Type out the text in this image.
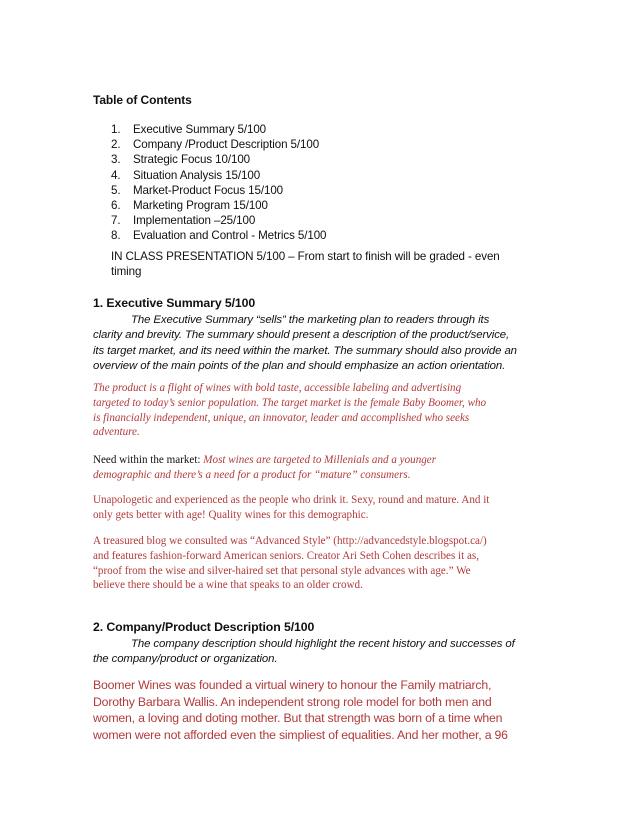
Table of Contents
1. Executive Summary 5/100
2. Company /Product Description 5/100
3. Strategic Focus 10/100
4. Situation Analysis 15/100
5. Market-Product Focus 15/100
6. Marketing Program 15/100
7. Implementation –25/100
8. Evaluation and Control - Metrics 5/100
IN CLASS PRESENTATION 5/100 – From start to finish will be graded - even
timing
1. Executive Summary 5/100
The Executive Summary “sells” the marketing plan to readers through its
clarity and brevity. The summary should present a description of the product/service,
its target market, and its need within the market. The summary should also provide an
overview of the main points of the plan and should emphasize an action orientation.
The product is a flight of wines with bold taste, accessible labeling and advertising
targeted to today’s senior population. The target market is the female Baby Boomer, who
is financially independent, unique, an innovator, leader and accomplished who seeks
adventure.
Need within the market: Most wines are targeted to Millenials and a younger
demographic and there’s a need for a product for “mature” consumers.
Unapologetic and experienced as the people who drink it. Sexy, round and mature. And it
only gets better with age! Quality wines for this demographic.
A treasured blog we consulted was “Advanced Style” (http://advancedstyle.blogspot.ca/)
and features fashion-forward American seniors. Creator Ari Seth Cohen describes it as,
“proof from the wise and silver-haired set that personal style advances with age.” We
believe there should be a wine that speaks to an older crowd.
2. Company/Product Description 5/100
The company description should highlight the recent history and successes of
the company/product or organization.
Boomer Wines was founded a virtual winery to honour the Family matriarch,
Dorothy Barbara Wallis. An independent strong role model for both men and
women, a loving and doting mother. But that strength was born of a time when
women were not afforded even the simpliest of equalities. And her mother, a 96
